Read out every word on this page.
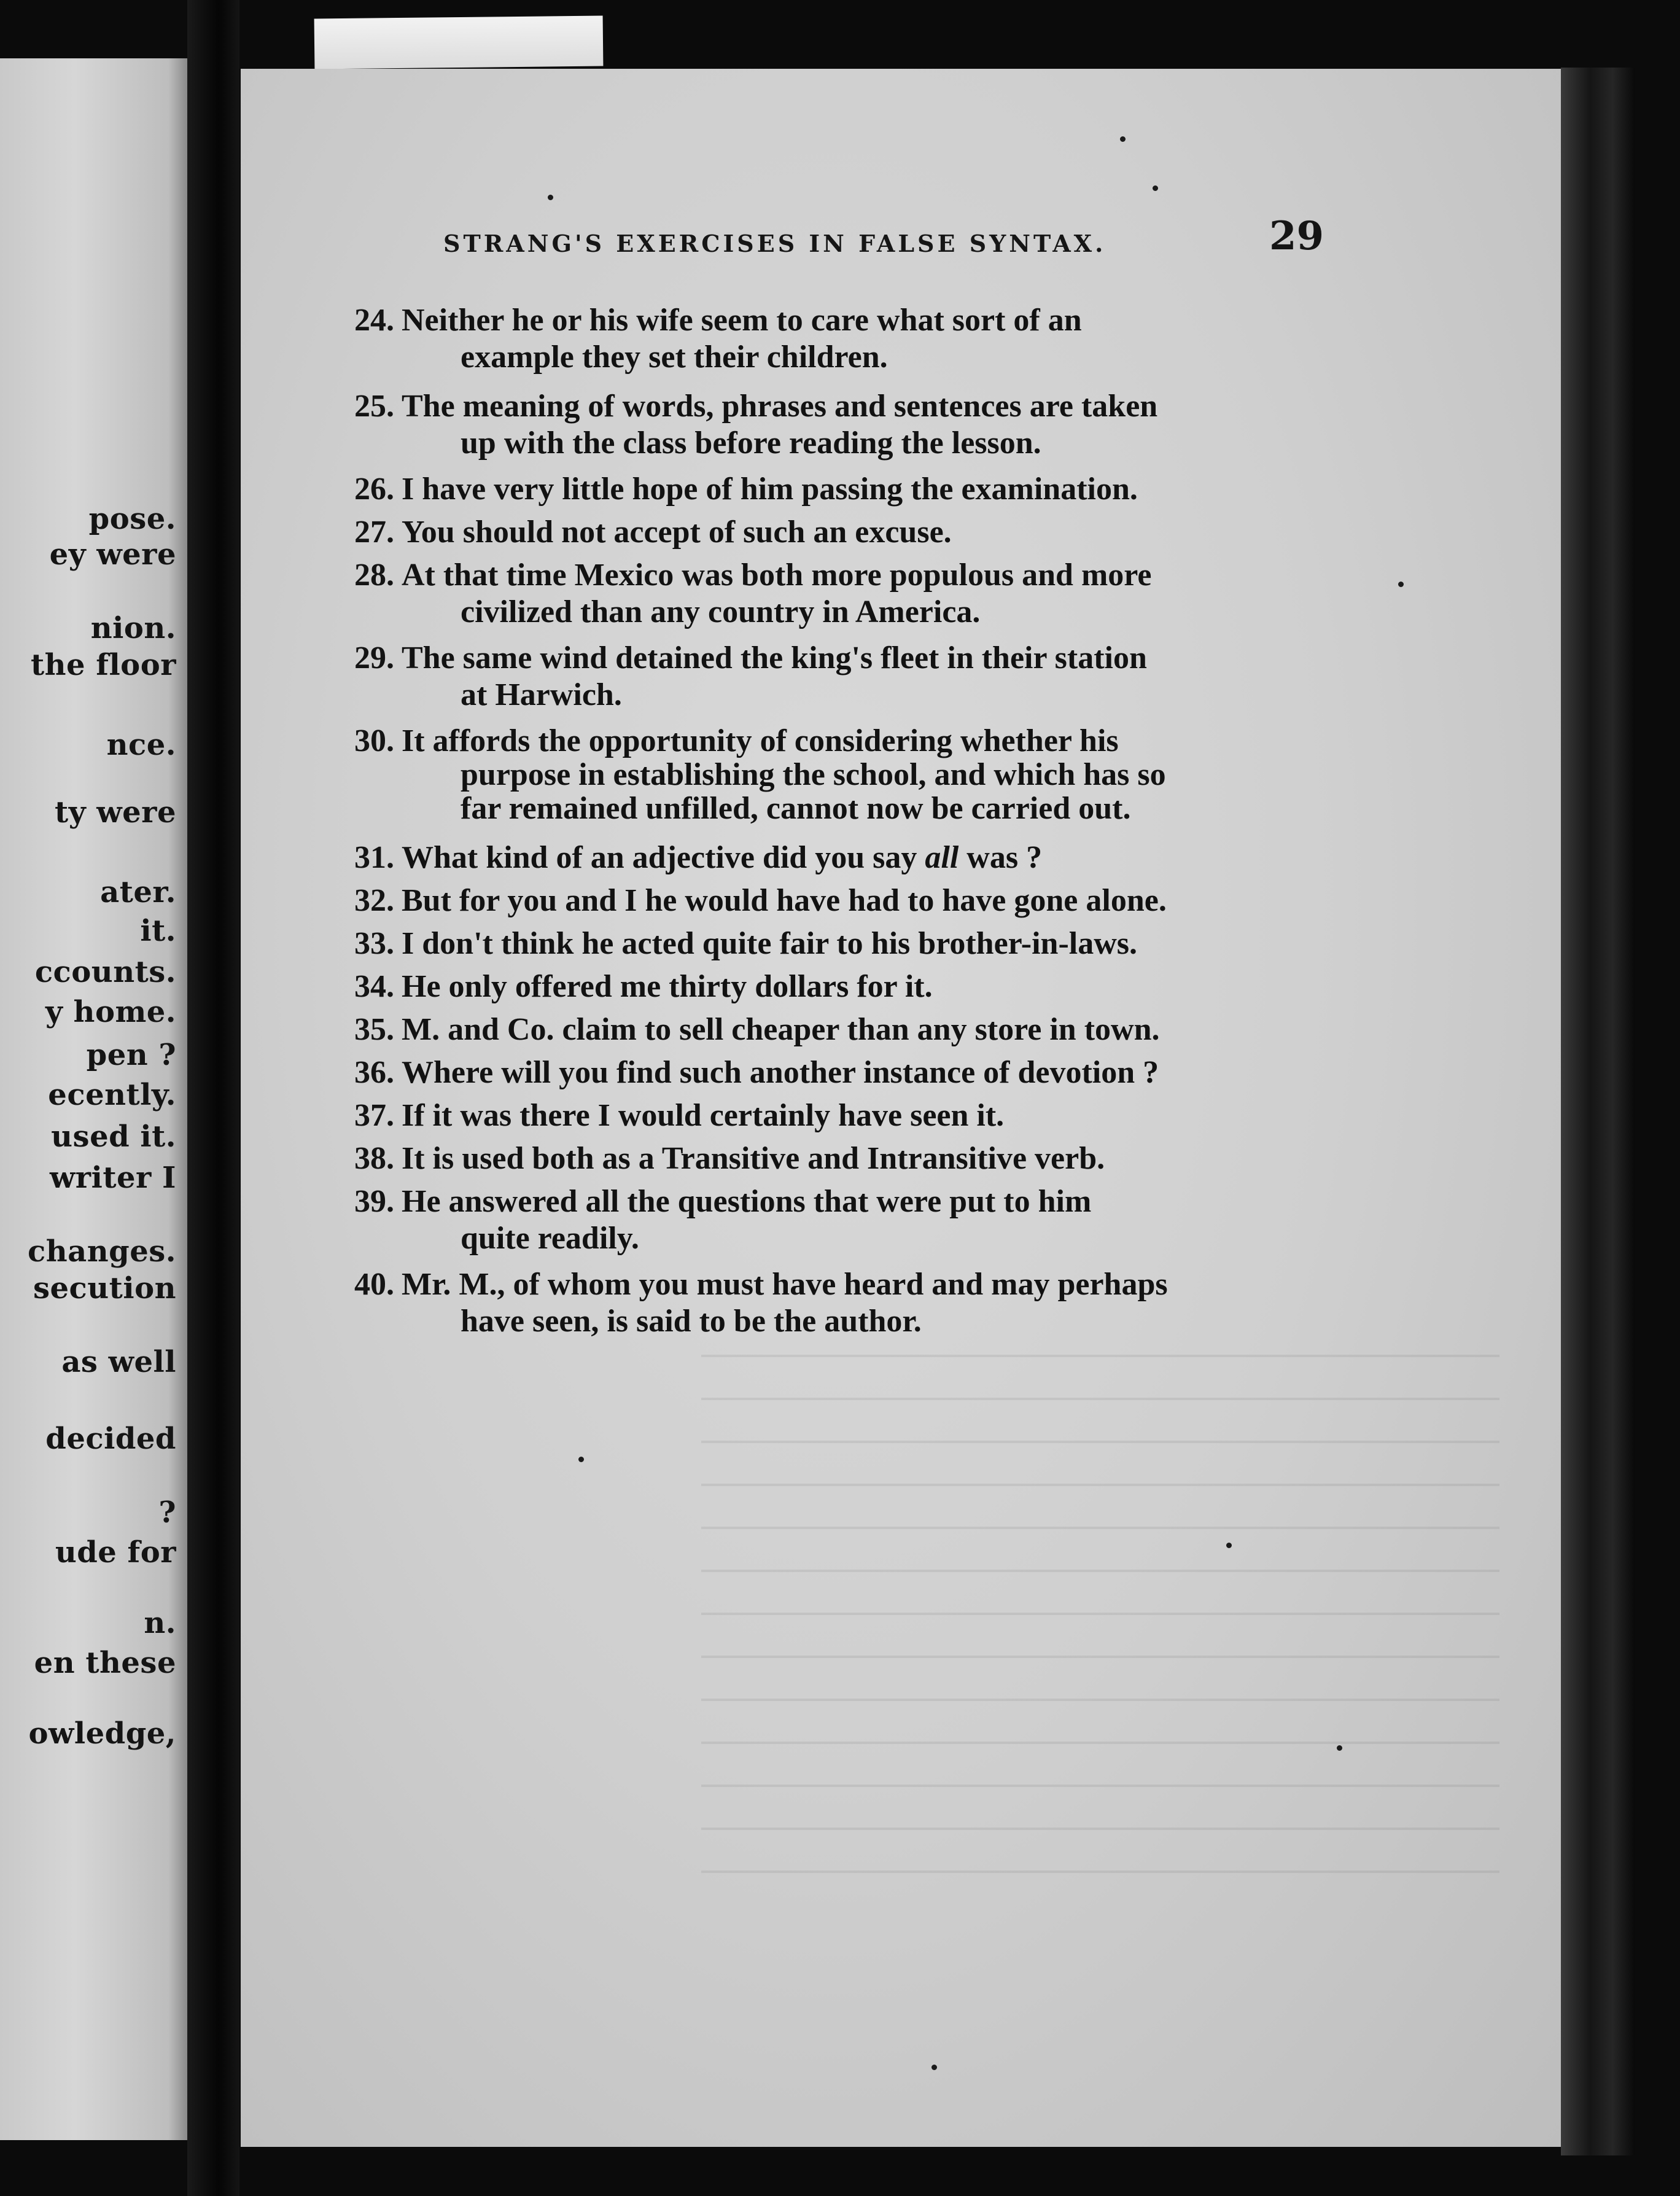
pose.
ey were
nion.
the floor
nce.
ty were
ater.
it.
ccounts.
y home.
pen ?
ecently.
used it.
writer I
changes.
secution
as well
decided
?
ude for
n.
en these
owledge,
STRANG'S EXERCISES IN FALSE SYNTAX.	29
24. Neither he or his wife seem to care what sort of an
example they set their children.
25. The meaning of words, phrases and sentences are taken
up with the class before reading the lesson.
26. I have very little hope of him passing the examination.
27. You should not accept of such an excuse.
28. At that time Mexico was both more populous and more
civilized than any country in America.
29. The same wind detained the king's fleet in their station
at Harwich.
30. It affords the opportunity of considering whether his
purpose in establishing the school, and which has so
far remained unfilled, cannot now be carried out.
31. What kind of an adjective did you say all was ?
32. But for you and I he would have had to have gone alone.
33. I don't think he acted quite fair to his brother-in-laws.
34. He only offered me thirty dollars for it.
35. M. and Co. claim to sell cheaper than any store in town.
36. Where will you find such another instance of devotion ?
37. If it was there I would certainly have seen it.
38. It is used both as a Transitive and Intransitive verb.
39. He answered all the questions that were put to him
quite readily.
40. Mr. M., of whom you must have heard and may perhaps
have seen, is said to be the author.
